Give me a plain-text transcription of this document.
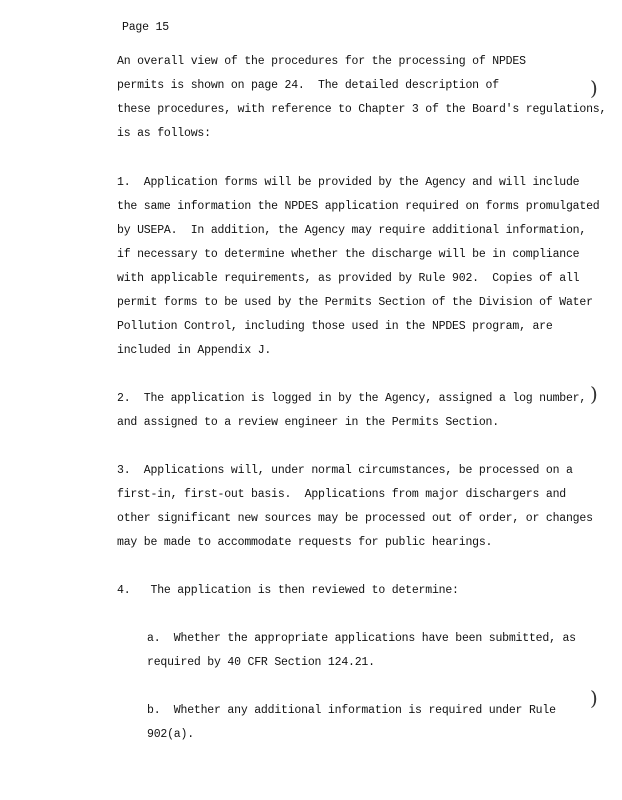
Page 15
An overall view of the procedures for the processing of NPDES
permits is shown on page 24.  The detailed description of
these procedures, with reference to Chapter 3 of the Board's regulations,
is as follows:
1.  Application forms will be provided by the Agency and will include
the same information the NPDES application required on forms promulgated
by USEPA.  In addition, the Agency may require additional information,
if necessary to determine whether the discharge will be in compliance
with applicable requirements, as provided by Rule 902.  Copies of all
permit forms to be used by the Permits Section of the Division of Water
Pollution Control, including those used in the NPDES program, are
included in Appendix J.
2.  The application is logged in by the Agency, assigned a log number,
and assigned to a review engineer in the Permits Section.
3.  Applications will, under normal circumstances, be processed on a
first-in, first-out basis.  Applications from major dischargers and
other significant new sources may be processed out of order, or changes
may be made to accommodate requests for public hearings.
4.   The application is then reviewed to determine:
a.  Whether the appropriate applications have been submitted, as
required by 40 CFR Section 124.21.
b.  Whether any additional information is required under Rule
902(a).
)
)
)
